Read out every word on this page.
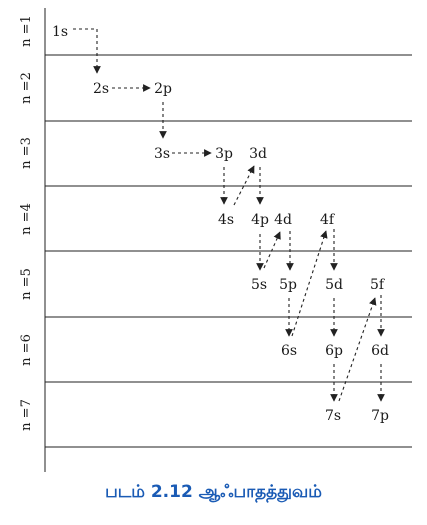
n =1
n =2
n =3
n =4
n =5
n =6
n =7
1s
2s	2p
3s	3p 3d
4s 4p 4d 4f
5s 5p 5d 5f
6s 6p 6d
7s 7p
படம் 2.12 ஆஃபாதத்துவம்
